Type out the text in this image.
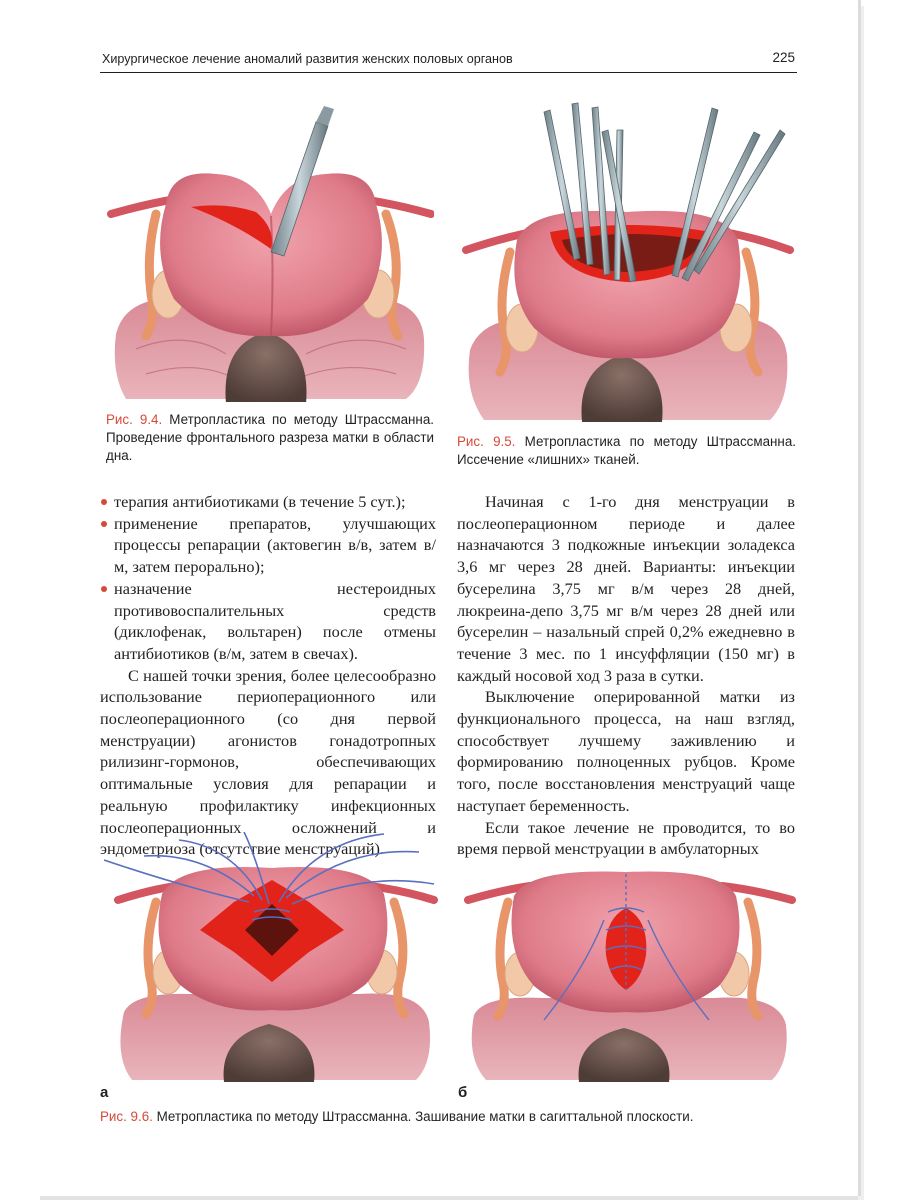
Хирургическое лечение аномалий развития женских половых органов	225
Рис. 9.4. Метропластика по методу Штрассманна. Проведение фронтального разреза матки в области дна.
Рис. 9.5. Метропластика по методу Штрассманна. Иссечение «лишних» тканей.
терапия антибиотиками (в течение 5 сут.);
применение препаратов, улучшающих процессы репарации (актовегин в/в, затем в/м, затем перорально);
назначение нестероидных противовоспалительных средств (диклофенак, вольтарен) после отмены антибиотиков (в/м, затем в свечах).

С нашей точки зрения, более целесообразно использование периоперационного или послеоперационного (со дня первой менструации) агонистов гонадотропных рилизинг-гормонов, обеспечивающих оптимальные условия для репарации и реальную профилактику инфекционных послеоперационных осложнений и эндометриоза (отсутствие менструаций).

Начиная с 1-го дня менструации в послеоперационном периоде и далее назначаются 3 подкожные инъекции золадекса 3,6 мг через 28 дней. Варианты: инъекции бусерелина 3,75 мг в/м через 28 дней, люкреина-депо 3,75 мг в/м через 28 дней или бусерелин – назальный спрей 0,2% ежедневно в течение 3 мес. по 1 инсуффляции (150 мг) в каждый носовой ход 3 раза в сутки.

Выключение оперированной матки из функционального процесса, на наш взгляд, способствует лучшему заживлению и формированию полноценных рубцов. Кроме того, после восстановления менструаций чаще наступает беременность.

Если такое лечение не проводится, то во время первой менструации в амбулаторных

а	б
Рис. 9.6. Метропластика по методу Штрассманна. Зашивание матки в сагиттальной плоскости.
